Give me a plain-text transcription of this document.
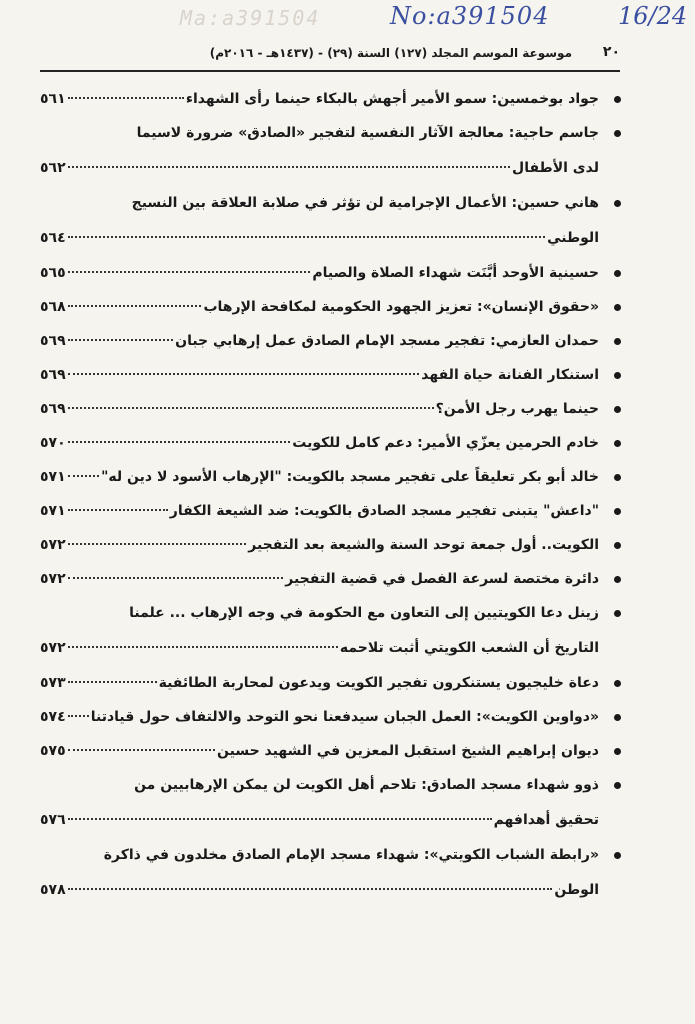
Ma:a391504	No:a391504	16/24
٢٠
موسوعة الموسم المجلد (١٢٧) السنة (٢٩) - (١٤٣٧هـ - ٢٠١٦م)
جواد بوخمسين: سمو الأمير أجهش بالبكاء حينما رأى الشهداء
٥٦١
جاسم حاجية: معالجة الآثار النفسية لتفجير «الصادق» ضرورة لاسيما
لدى الأطفال
٥٦٢
هاني حسين: الأعمال الإجرامية لن تؤثر في صلابة العلاقة بين النسيج
الوطني
٥٦٤
حسينية الأوحد أبَّنَت شهداء الصلاة والصيام
٥٦٥
«حقوق الإنسان»: تعزيز الجهود الحكومية لمكافحة الإرهاب
٥٦٨
حمدان العازمي: تفجير مسجد الإمام الصادق عمل إرهابي جبان
٥٦٩
استنكار الفنانة حياة الفهد
٥٦٩
حينما يهرب رجل الأمن؟
٥٦٩
خادم الحرمين يعزّي الأمير: دعم كامل للكويت
٥٧٠
خالد أبو بكر تعليقاً على تفجير مسجد بالكويت: "الإرهاب الأسود لا دين له"
٥٧١
"داعش" يتبنى تفجير مسجد الصادق بالكويت: ضد الشيعة الكفار
٥٧١
الكويت.. أول جمعة توحد السنة والشيعة بعد التفجير
٥٧٢
دائرة مختصة لسرعة الفصل في قضية التفجير
٥٧٢
زينل دعا الكويتيين إلى التعاون مع الحكومة في وجه الإرهاب ... علمنا
التاريخ أن الشعب الكويتي أثبت تلاحمه
٥٧٢
دعاة خليجيون يستنكرون تفجير الكويت ويدعون لمحاربة الطائفية
٥٧٣
«دواوين الكويت»: العمل الجبان سيدفعنا نحو التوحد والالتفاف حول قيادتنا
٥٧٤
ديوان إبراهيم الشيخ استقبل المعزين في الشهيد حسين
٥٧٥
ذوو شهداء مسجد الصادق: تلاحم أهل الكويت لن يمكن الإرهابيين من
تحقيق أهدافهم
٥٧٦
«رابطة الشباب الكويتي»: شهداء مسجد الإمام الصادق مخلدون في ذاكرة
الوطن
٥٧٨
